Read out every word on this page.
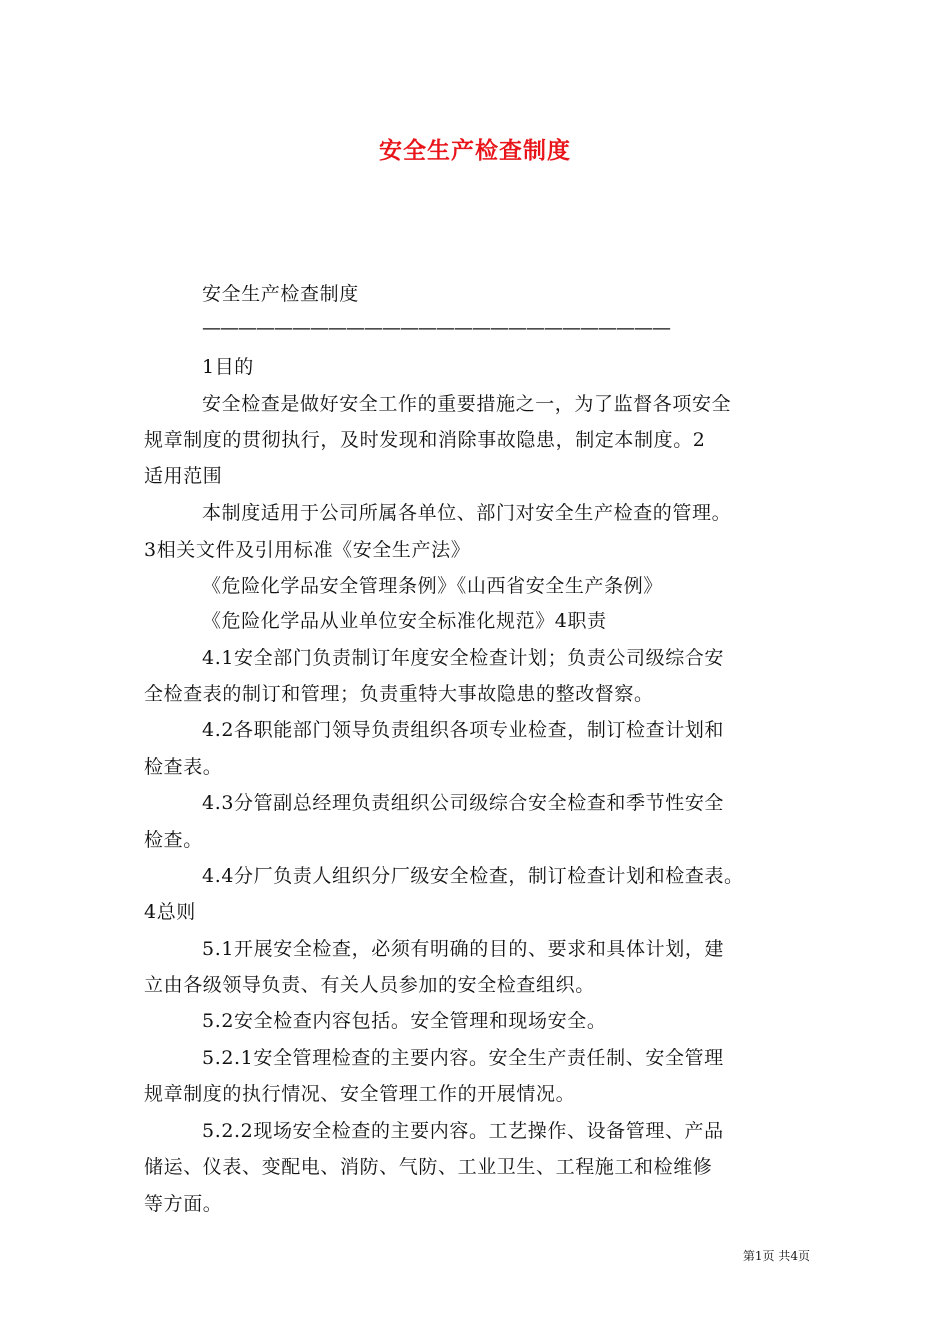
安全生产检查制度
安全生产检查制度
——————————————————————————
1目的
安全检查是做好安全工作的重要措施之一，为了监督各项安全
规章制度的贯彻执行，及时发现和消除事故隐患，制定本制度。2
适用范围
本制度适用于公司所属各单位、部门对安全生产检查的管理。
3相关文件及引用标准《安全生产法》
《危险化学品安全管理条例》《山西省安全生产条例》
《危险化学品从业单位安全标准化规范》4职责
4.1安全部门负责制订年度安全检查计划；负责公司级综合安
全检查表的制订和管理；负责重特大事故隐患的整改督察。
4.2各职能部门领导负责组织各项专业检查，制订检查计划和
检查表。
4.3分管副总经理负责组织公司级综合安全检查和季节性安全
检查。
4.4分厂负责人组织分厂级安全检查，制订检查计划和检查表。
4总则
5.1开展安全检查，必须有明确的目的、要求和具体计划，建
立由各级领导负责、有关人员参加的安全检查组织。
5.2安全检查内容包括。安全管理和现场安全。
5.2.1安全管理检查的主要内容。安全生产责任制、安全管理
规章制度的执行情况、安全管理工作的开展情况。
5.2.2现场安全检查的主要内容。工艺操作、设备管理、产品
储运、仪表、变配电、消防、气防、工业卫生、工程施工和检维修
等方面。
第1页 共4页
